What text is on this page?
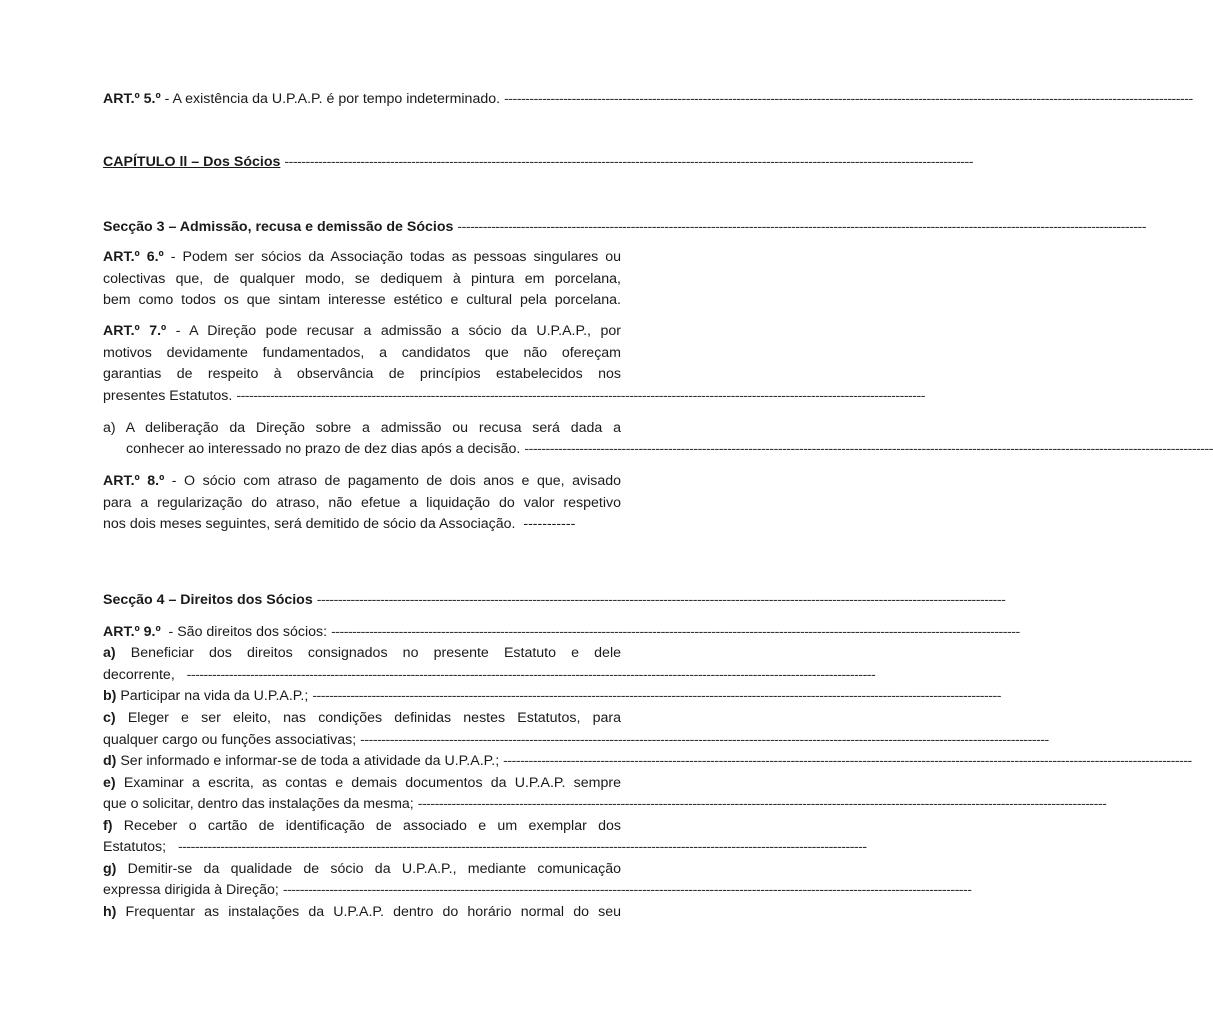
ART.º 5.º - A existência da U.P.A.P. é por tempo indeterminado. -------------------------------------------------------------------------------------------------------------------------------------------------------------------
CAPÍTULO ll – Dos Sócios -------------------------------------------------------------------------------------------------------------------------------------------------------------------
Secção 3 – Admissão, recusa e demissão de Sócios -------------------------------------------------------------------------------------------------------------------------------------------------------------------
ART.º 6.º - Podem ser sócios da Associação todas as pessoas singulares ou
colectivas que, de qualquer modo, se dediquem à pintura em porcelana,
bem como todos os que sintam interesse estético e cultural pela porcelana.
ART.º 7.º - A Direção pode recusar a admissão a sócio da U.P.A.P., por
motivos devidamente fundamentados, a candidatos que não ofereçam
garantias de respeito à observância de princípios estabelecidos nos
presentes Estatutos. -------------------------------------------------------------------------------------------------------------------------------------------------------------------
a) A deliberação da Direção sobre a admissão ou recusa será dada a
conhecer ao interessado no prazo de dez dias após a decisão. -------------------------------------------------------------------------------------------------------------------------------------------------------------------
ART.º 8.º - O sócio com atraso de pagamento de dois anos e que, avisado
para a regularização do atraso, não efetue a liquidação do valor respetivo
nos dois meses seguintes, será demitido de sócio da Associação.  -----------
Secção 4 – Direitos dos Sócios -------------------------------------------------------------------------------------------------------------------------------------------------------------------
ART.º 9.º - São direitos dos sócios: -------------------------------------------------------------------------------------------------------------------------------------------------------------------
a) Beneficiar dos direitos consignados no presente Estatuto e dele
decorrente, -------------------------------------------------------------------------------------------------------------------------------------------------------------------
b) Participar na vida da U.P.A.P.; -------------------------------------------------------------------------------------------------------------------------------------------------------------------
c) Eleger e ser eleito, nas condições definidas nestes Estatutos, para
qualquer cargo ou funções associativas; -------------------------------------------------------------------------------------------------------------------------------------------------------------------
d) Ser informado e informar-se de toda a atividade da U.P.A.P.; -------------------------------------------------------------------------------------------------------------------------------------------------------------------
e) Examinar a escrita, as contas e demais documentos da U.P.A.P. sempre
que o solicitar, dentro das instalações da mesma; -------------------------------------------------------------------------------------------------------------------------------------------------------------------
f) Receber o cartão de identificação de associado e um exemplar dos
Estatutos; -------------------------------------------------------------------------------------------------------------------------------------------------------------------
g) Demitir-se da qualidade de sócio da U.P.A.P., mediante comunicação
expressa dirigida à Direção; -------------------------------------------------------------------------------------------------------------------------------------------------------------------
h) Frequentar as instalações da U.P.A.P. dentro do horário normal do seu
